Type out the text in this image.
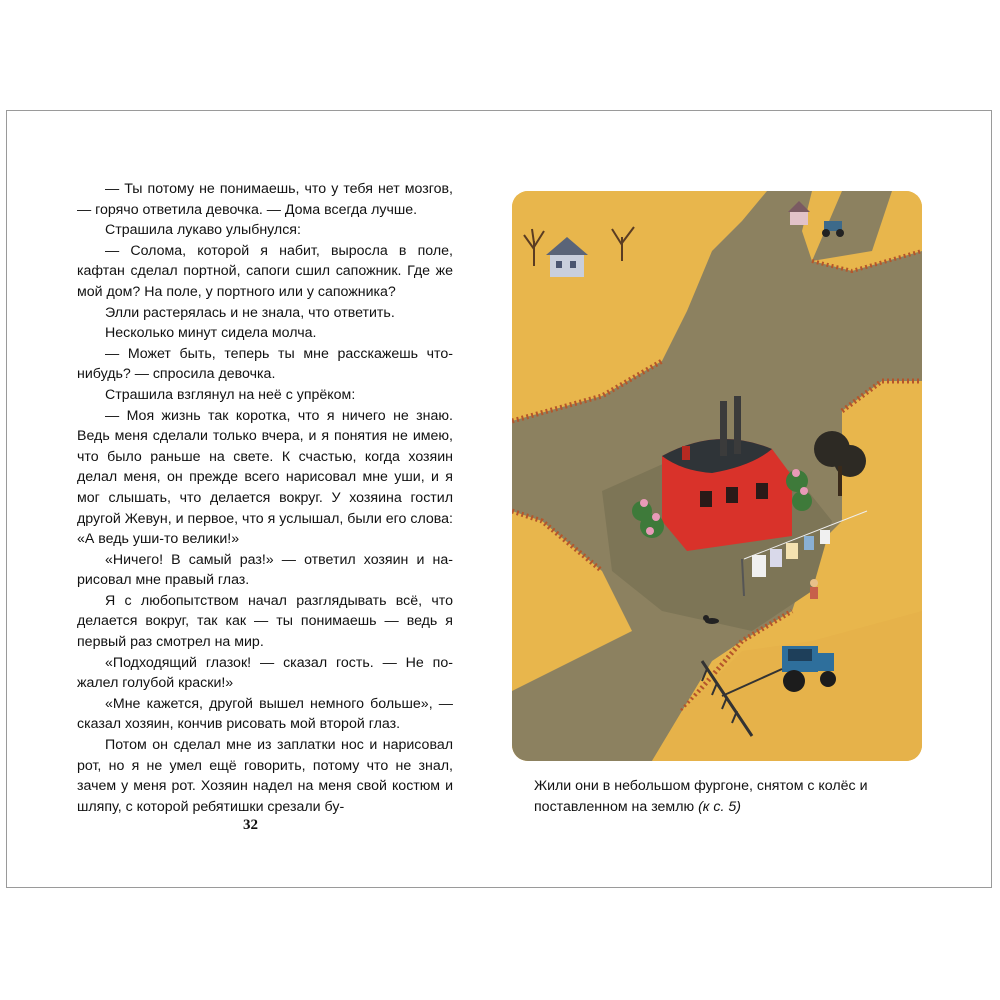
— Ты потому не понимаешь, что у тебя нет мозгов, — горячо ответила девочка. — Дома всегда лучше.

Страшила лукаво улыбнулся:

— Солома, которой я набит, выросла в поле, кафтан сделал портной, сапоги сшил сапожник. Где же мой дом? На поле, у портного или у сапожника?

Элли растерялась и не знала, что ответить.

Несколько минут сидела молча.

— Может быть, теперь ты мне расскажешь чтонибудь? — спросила девочка.

Страшила взглянул на неё с упрёком:

— Моя жизнь так коротка, что я ничего не знаю. Ведь меня сделали только вчера, и я понятия не имею, что было раньше на свете. К счастью, когда хозяин делал меня, он прежде всего нарисовал мне уши, и я мог слышать, что делается вокруг. У хозяина гостил другой Жевун, и первое, что я услышал, были его слова: «А ведь уши-то велики!»

«Ничего! В самый раз!» — ответил хозяин и нарисовал мне правый глаз.

Я с любопытством начал разглядывать всё, что делается вокруг, так как — ты понимаешь — ведь я первый раз смотрел на мир.

«Подходящий глазок! — сказал гость. — Не пожалел голубой краски!»

«Мне кажется, другой вышел немного больше», — сказал хозяин, кончив рисовать мой второй глаз.

Потом он сделал мне из заплатки нос и нарисовал рот, но я не умел ещё говорить, потому что не знал, зачем у меня рот. Хозяин надел на меня свой костюм и шляпу, с которой ребятишки срезали бу-

32
Жили они в небольшом фургоне, снятом с колёс и поставленном на землю (к с. 5)
